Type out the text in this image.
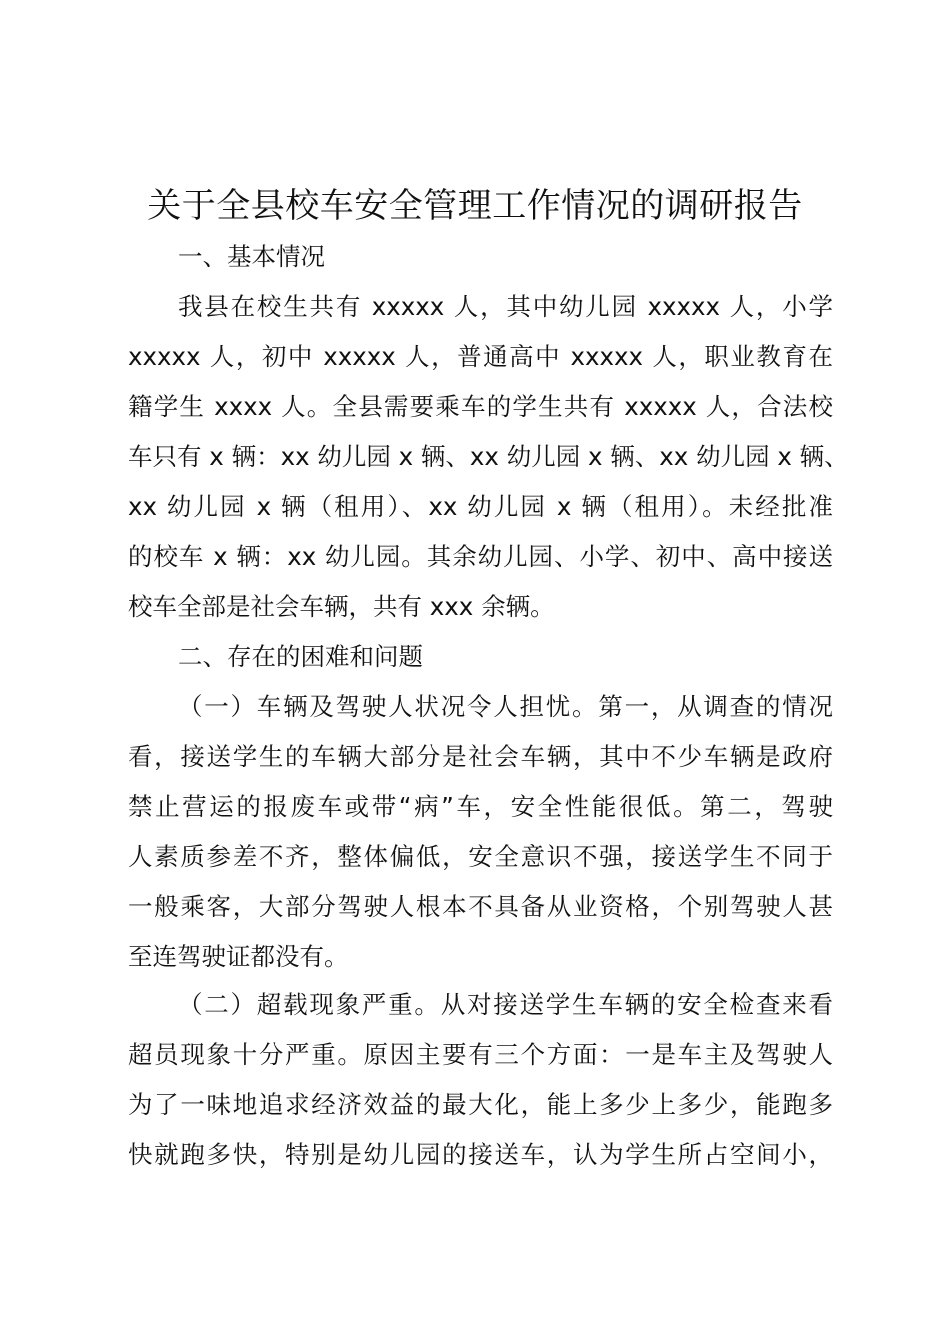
关于全县校车安全管理工作情况的调研报告
一、基本情况
我县在校生共有 xxxxx 人，其中幼儿园 xxxxx 人，小学
xxxxx 人，初中 xxxxx 人，普通高中 xxxxx 人，职业教育在
籍学生 xxxx 人。全县需要乘车的学生共有 xxxxx 人，合法校
车只有 x 辆：xx 幼儿园 x 辆、xx 幼儿园 x 辆、xx 幼儿园 x 辆、
xx 幼儿园 x 辆（租用）、xx 幼儿园 x 辆（租用）。未经批准
的校车 x 辆：xx 幼儿园。其余幼儿园、小学、初中、高中接送
校车全部是社会车辆，共有 xxx 余辆。
二、存在的困难和问题
（一）车辆及驾驶人状况令人担忧。第一，从调查的情况
看，接送学生的车辆大部分是社会车辆，其中不少车辆是政府
禁止营运的报废车或带“病”车，安全性能很低。第二，驾驶
人素质参差不齐，整体偏低，安全意识不强，接送学生不同于
一般乘客，大部分驾驶人根本不具备从业资格，个别驾驶人甚
至连驾驶证都没有。
（二）超载现象严重。从对接送学生车辆的安全检查来看
超员现象十分严重。原因主要有三个方面：一是车主及驾驶人
为了一味地追求经济效益的最大化，能上多少上多少，能跑多
快就跑多快，特别是幼儿园的接送车，认为学生所占空间小，
